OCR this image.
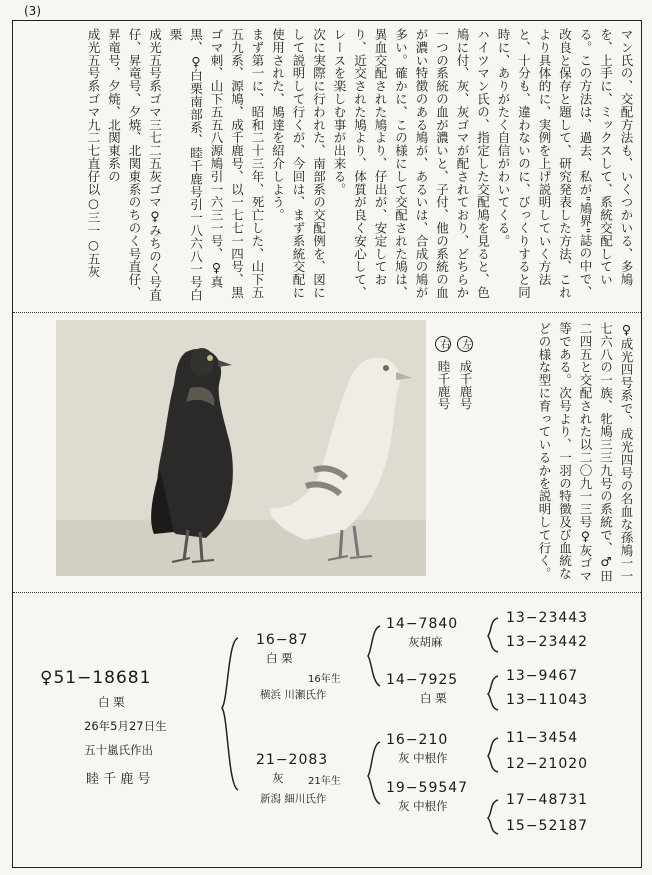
(3)

マン氏の、交配方法も、いくつかいる、多鳩を、上手に、ミックスして、系統交配している。この方法は、過去、私が"鳩界"誌の中で、改良と保存と題して、研究発表した方法、これより具体的に、実例を上げ説明していく方法と、十分も、違わないのに、びっくりすると同時に、ありがたく自信がわいてくる。

ハイツマン氏の、指定した交配鳩を見ると、色鳩に付、灰、灰ゴマが配されており、どちらか一つの系統の血が濃いと、子付、他の系統の血が濃い特徴のある鳩が、あるいは、合成の鳩が多い。確かに、この様にして交配された鳩は、異血交配された鳩より、仔出が、安定しており、近交された鳩より、体質が良く安心して、レースを楽しむ事が出来る。

次に実際に行われた、南部系の交配例を、図にして説明して行くが、今回は、まず系統交配に使用された、鳩達を紹介しよう。

まず第一に、昭和二十三年、死亡した、山下五五九系、源鳩、成千鹿号、以一七七一四号、黒ゴマ刺、山下五五八源鳩引一六三一号、♀真黒、♀白栗南部系、睦千鹿号引一八六八一号白栗

成光五号系ゴマ三七二五灰ゴマ♀みちのく号直仔、昇竜号、夕焼、北関東系のちのく号直仔、昇竜号、夕焼、北関東系の

成光五号系ゴマ九二七直仔以○三一○五灰

左 成千鹿号
右 睦千鹿号	♀成光四号系で、成光四号の名血な孫鳩一一七六八の一族、牝鳩三三九号の系統で、♂田二四五と交配された以二〇九一三号♀灰ゴマ等である。次号より、一羽の特徴及び血統などの様な型に育っているかを説明して行く。

♀51−18681
白 栗
26年5月27日生
五十嵐氏作出
睦 千 鹿 号
16−87
白 栗
16年生
横浜 川瀬氏作
21−2083
灰	21年生
新潟 細川氏作
14−7840
灰胡麻
14−7925
白 栗
16−210
灰 中根作
19−59547
灰 中根作
13−23443
13−23442
13−9467
13−11043
11−3454
12−21020
17−48731
15−52187
